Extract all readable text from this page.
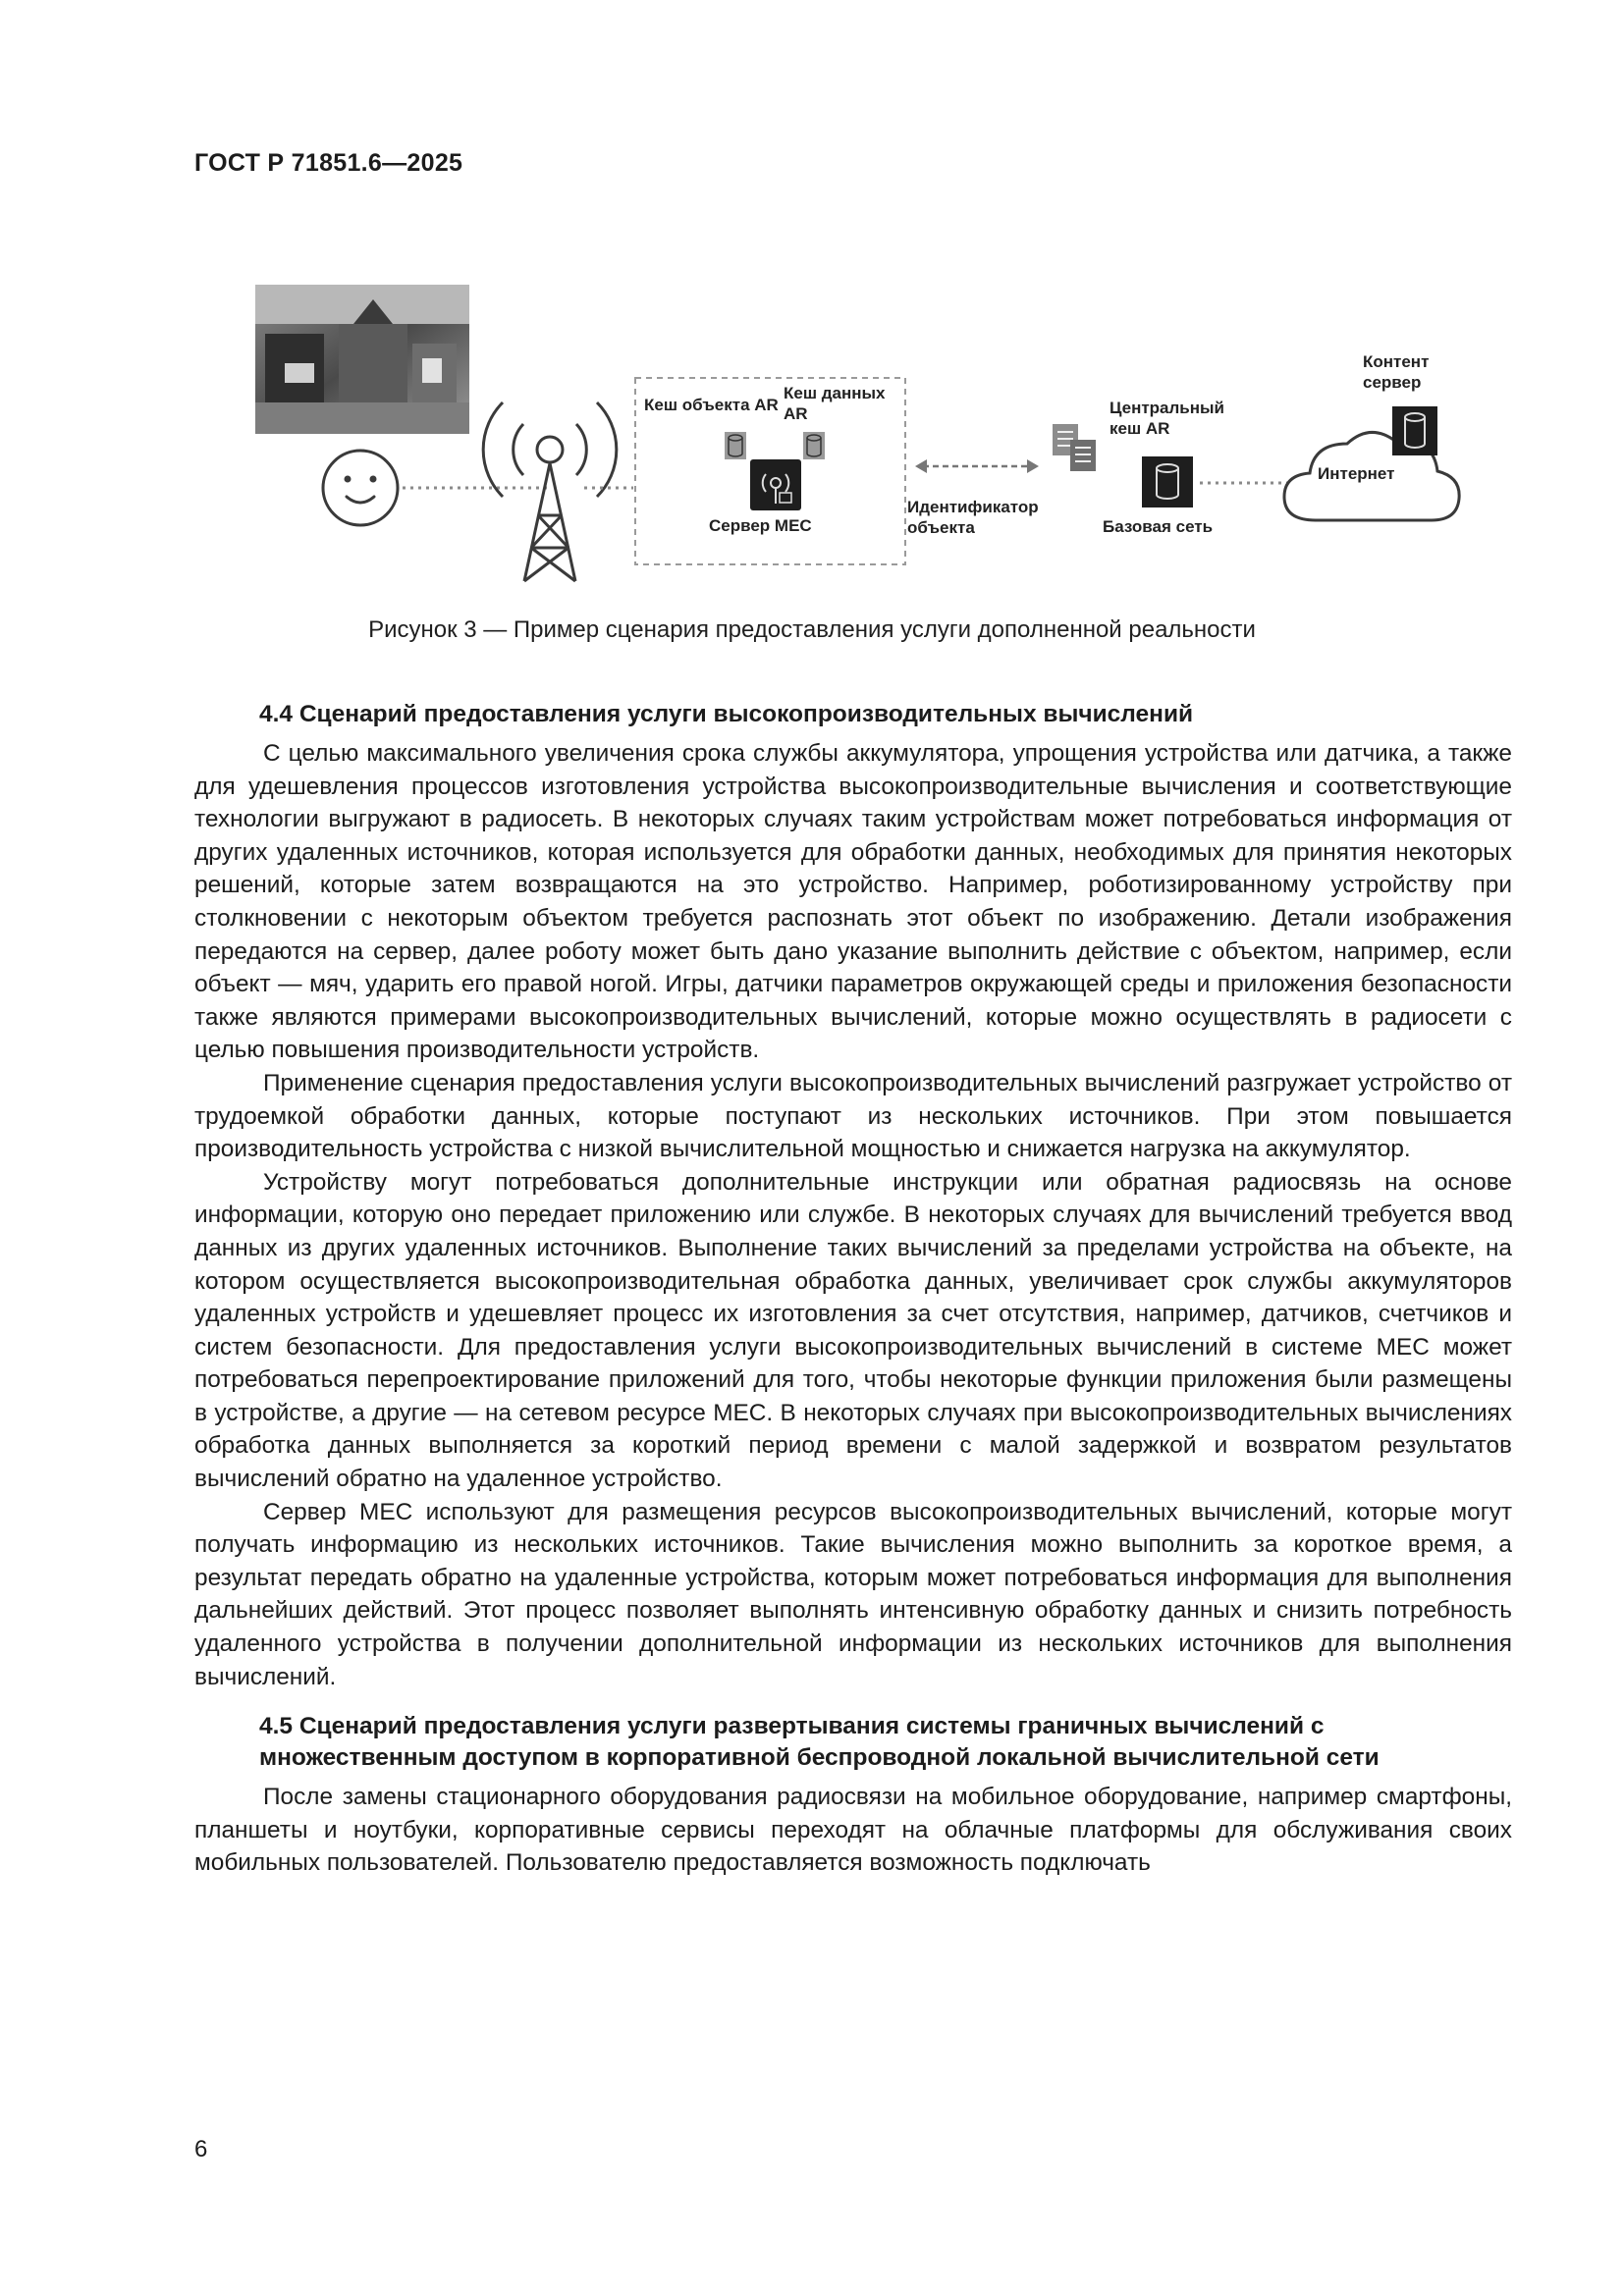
ГОСТ Р 71851.6—2025
Кеш объекта AR
Кеш данных AR
Сервер MEC
Идентификатор объекта
Центральный кеш AR
Базовая сеть
Контент сервер
Интернет
Рисунок 3 — Пример сценария предоставления услуги дополненной реальности
4.4 Сценарий предоставления услуги высокопроизводительных вычислений

С целью максимального увеличения срока службы аккумулятора, упрощения устройства или датчика, а также для удешевления процессов изготовления устройства высокопроизводительные вычисления и соответствующие технологии выгружают в радиосеть. В некоторых случаях таким устройствам может потребоваться информация от других удаленных источников, которая используется для обработки данных, необходимых для принятия некоторых решений, которые затем возвращаются на это устройство. Например, роботизированному устройству при столкновении с некоторым объектом требуется распознать этот объект по изображению. Детали изображения передаются на сервер, далее роботу может быть дано указание выполнить действие с объектом, например, если объект — мяч, ударить его правой ногой. Игры, датчики параметров окружающей среды и приложения безопасности также являются примерами высокопроизводительных вычислений, которые можно осуществлять в радиосети с целью повышения производительности устройств.

Применение сценария предоставления услуги высокопроизводительных вычислений разгружает устройство от трудоемкой обработки данных, которые поступают из нескольких источников. При этом повышается производительность устройства с низкой вычислительной мощностью и снижается нагрузка на аккумулятор.

Устройству могут потребоваться дополнительные инструкции или обратная радиосвязь на основе информации, которую оно передает приложению или службе. В некоторых случаях для вычислений требуется ввод данных из других удаленных источников. Выполнение таких вычислений за пределами устройства на объекте, на котором осуществляется высокопроизводительная обработка данных, увеличивает срок службы аккумуляторов удаленных устройств и удешевляет процесс их изготовления за счет отсутствия, например, датчиков, счетчиков и систем безопасности. Для предоставления услуги высокопроизводительных вычислений в системе MEC может потребоваться перепроектирование приложений для того, чтобы некоторые функции приложения были размещены в устройстве, а другие — на сетевом ресурсе MEC. В некоторых случаях при высокопроизводительных вычислениях обработка данных выполняется за короткий период времени с малой задержкой и возвратом результатов вычислений обратно на удаленное устройство.

Сервер MEC используют для размещения ресурсов высокопроизводительных вычислений, которые могут получать информацию из нескольких источников. Такие вычисления можно выполнить за короткое время, а результат передать обратно на удаленные устройства, которым может потребоваться информация для выполнения дальнейших действий. Этот процесс позволяет выполнять интенсивную обработку данных и снизить потребность удаленного устройства в получении дополнительной информации из нескольких источников для выполнения вычислений.

4.5 Сценарий предоставления услуги развертывания системы граничных вычислений с множественным доступом в корпоративной беспроводной локальной вычислительной сети

После замены стационарного оборудования радиосвязи на мобильное оборудование, например смартфоны, планшеты и ноутбуки, корпоративные сервисы переходят на облачные платформы для обслуживания своих мобильных пользователей. Пользователю предоставляется возможность подключать

6
